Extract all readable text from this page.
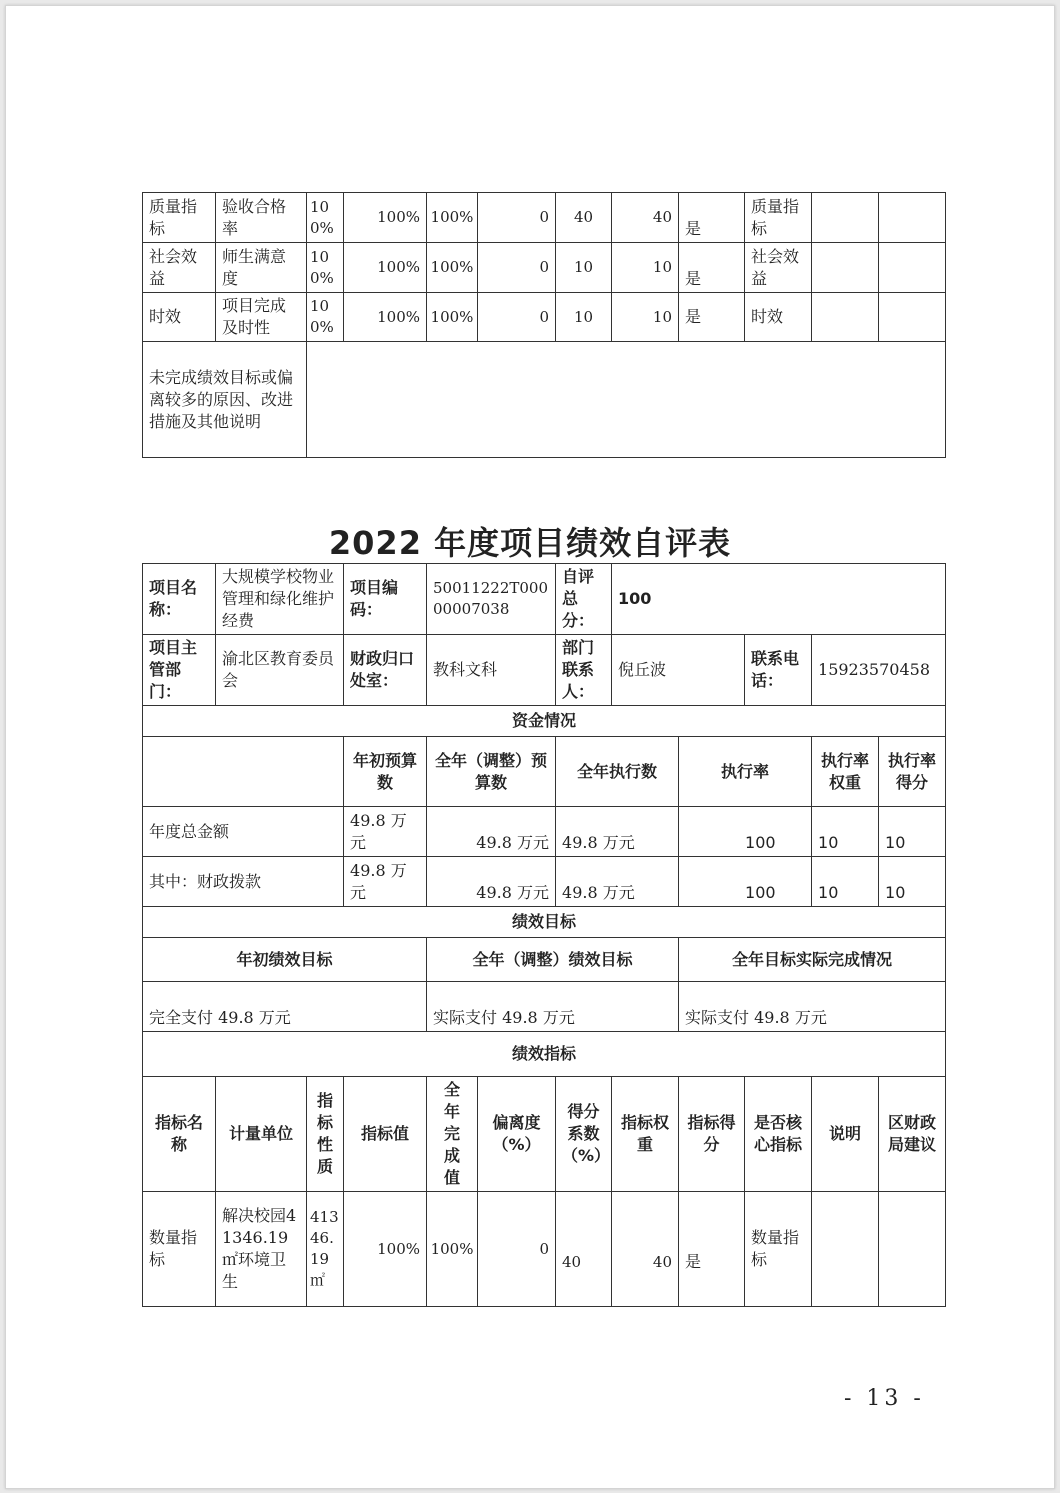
质量指标	验收合格率	100%	100%	100%	0	40	40	是	质量指标		
社会效益	师生满意度	100%	100%	100%	0	10	10	是	社会效益		
时效	项目完成及时性	100%	100%	100%	0	10	10	是	时效		
未完成绩效目标或偏离较多的原因、改进措施及其他说明											
2022 年度项目绩效自评表
项目名称：	大规模学校物业管理和绿化维护经费		项目编码：	50011222T00000007038		自评总分：	100				
项目主管部门：	渝北区教育委员会		财政归口处室：	教科文科		部门联系人：	倪丘波		联系电话：	15923570458	
资金情况											
			年初预算数	全年（调整）预算数		全年执行数		执行率		执行率权重	执行率得分
年度总金额			49.8 万元	49.8 万元		49.8 万元		100		10	10
其中：财政拨款			49.8 万元	49.8 万元		49.8 万元		100		10	10
绩效目标											
年初绩效目标				全年（调整）绩效目标				全年目标实际完成情况			
完全支付 49.8 万元				实际支付 49.8 万元				实际支付 49.8 万元			
绩效指标											
指标名称	计量单位	指标性质	指标值	全年完成值	偏离度（%）	得分系数（%）	指标权重	指标得分	是否核心指标	说明	区财政局建议
数量指标	解决校园41346.19㎡环境卫生	41346.19㎡	100%	100%	0	40	40	是	数量指标		
- 13 -
